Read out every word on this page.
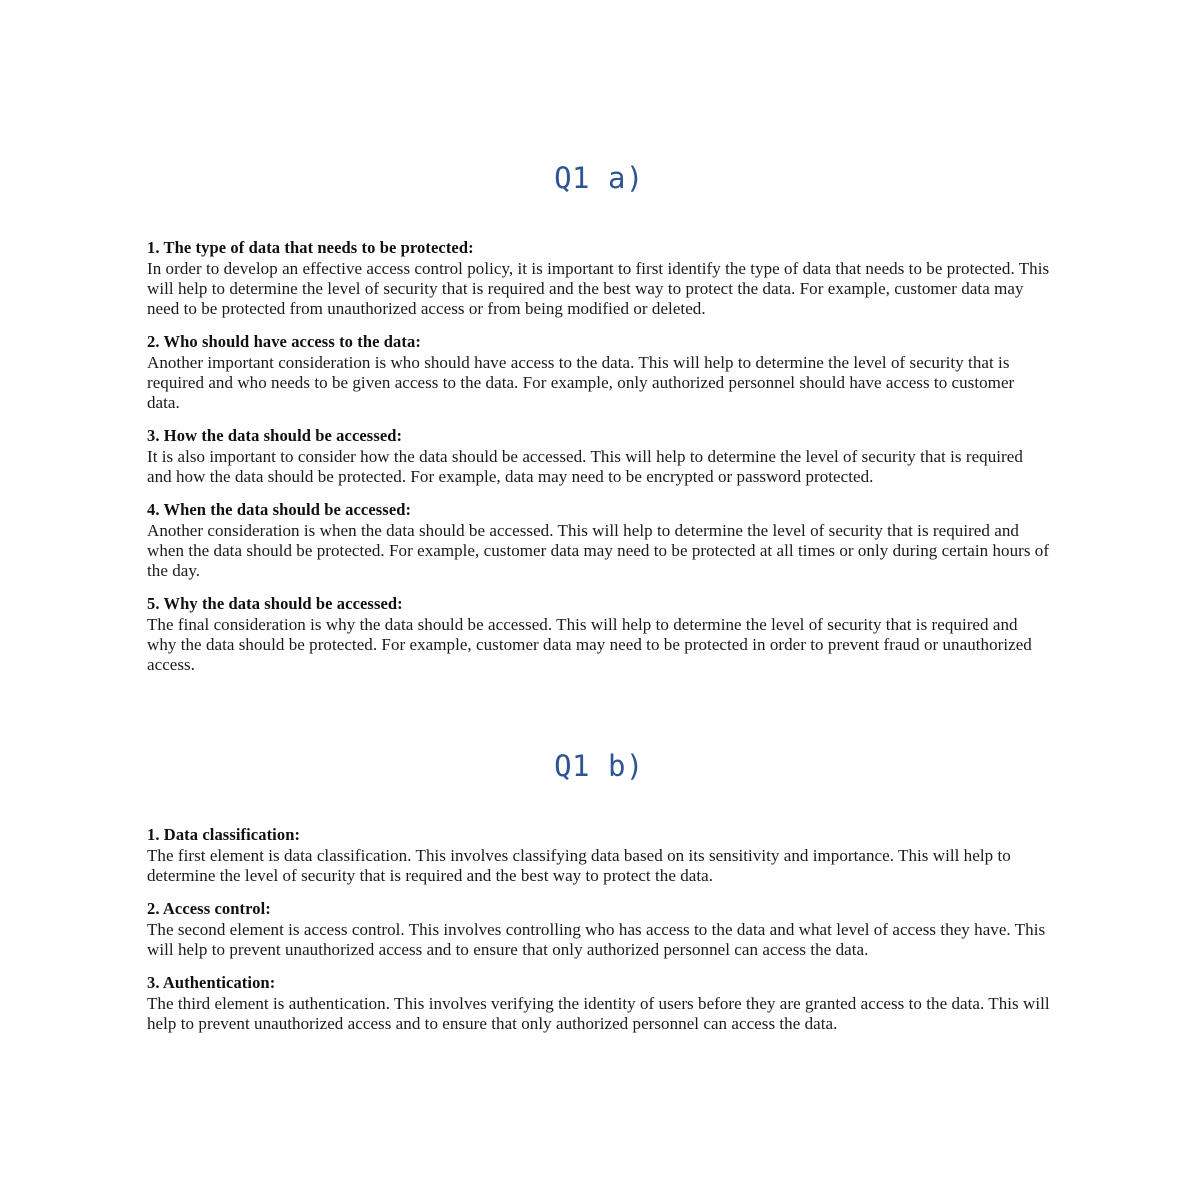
Q1 a)

1. The type of data that needs to be protected:

In order to develop an effective access control policy, it is important to first identify the type of data that needs to be protected. This will help to determine the level of security that is required and the best way to protect the data. For example, customer data may need to be protected from unauthorized access or from being modified or deleted.

2. Who should have access to the data:

Another important consideration is who should have access to the data. This will help to determine the level of security that is required and who needs to be given access to the data. For example, only authorized personnel should have access to customer data.

3. How the data should be accessed:

It is also important to consider how the data should be accessed. This will help to determine the level of security that is required and how the data should be protected. For example, data may need to be encrypted or password protected.

4. When the data should be accessed:

Another consideration is when the data should be accessed. This will help to determine the level of security that is required and when the data should be protected. For example, customer data may need to be protected at all times or only during certain hours of the day.

5. Why the data should be accessed:

The final consideration is why the data should be accessed. This will help to determine the level of security that is required and why the data should be protected. For example, customer data may need to be protected in order to prevent fraud or unauthorized access.

Q1 b)

1. Data classification:

The first element is data classification. This involves classifying data based on its sensitivity and importance. This will help to determine the level of security that is required and the best way to protect the data.

2. Access control:

The second element is access control. This involves controlling who has access to the data and what level of access they have. This will help to prevent unauthorized access and to ensure that only authorized personnel can access the data.

3. Authentication:

The third element is authentication. This involves verifying the identity of users before they are granted access to the data. This will help to prevent unauthorized access and to ensure that only authorized personnel can access the data.
